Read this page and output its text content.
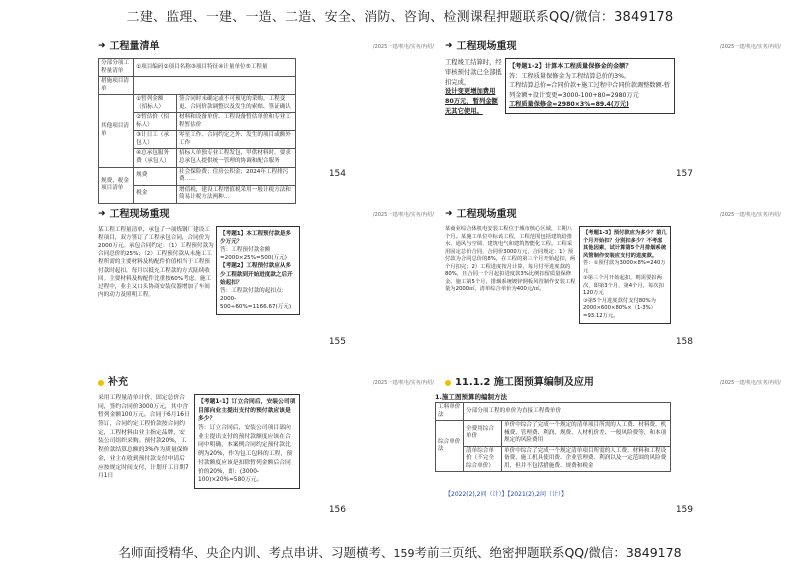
二建、监理、一建、一造、二造、安全、消防、咨询、检测课程押题联系QQ/微信：3849178
➜ 工程量清单	/2025一建/机电/实务/冉绍/
分部分项工程量清单	①项目编码②项目名称③项目特征④计量单位⑤工程量	
措施项目清单		
其他项目清单	①暂列金额（招标人）	签合同时未确定或不可预见的采购。工程变更、合同价款调整以及发生的索赔、签证确认
	②暂估价（招标人）	材料和设备单价、工程设备暂估单价和专业工程暂估价
	③计日工（承包人）	零星工作、合同约定之外、发生的项目或额外工作
	④总承包服务费（承包人）	招标人单独专业工程发包，甲供材料时，要求总承包人提供统一管理的协调和配合服务
规费、税金项目清单	规费	社会保险费；住房公积金；2024年工程排污费……
	税金	增值税，建设工程增值税采用一般计税方法和简易计税方法两种…
154
➜ 工程现场重现	/2025一建/机电/实务/冉绍/

工程竣工结算时，经审核预付款已全部抵扣完成，

设计变更增加费用80万元，暂列金额无其它使用。

【考题1-2】计算本工程质量保修金的金额？

答：工程质量保修金为工程结算总价的3%。

工程结算总价=合同价款+施工过程中合同价款调整数额-暂列金额+设计变更=3000-100+80=2980万元

工程质量保修金=2980×3%=89.4(万元)

157
➜ 工程现场重现	/2025一建/机电/实务/冉绍/
某工程工程量清单，承包了一项炼钢厂建设工程项目，双方签订了工程承包合同，合同价为2000万元。承包合同约定：（1）工程预付款为合同总价的25%；（2）工程预付款从未施工工程所需的主要材料及构配件价值相当于工程预付款时起扣，每月以抵充工程款的方式陆续收回。主要材料及构配件比重按60%考虑。施工过程中，业主又口头协商安装仪器增加了车间内的动力及照明工程。

【考题1】本工程预付款是多少万元？

答：工程预付款金额=2000×25%=500(万元)

【考题2】工程预付款应从多少工程款到开始进度款之后开始起扣？

答：工程款付款的起扣点：2000-500÷60%=1166.67(万元)

155
➜ 工程现场重现	/2025一建/机电/实务/冉绍/
某商业综合体机电安装工程位于城市核心区域，工期八个月。某施工单位中标该工程，工程范围包括建筑给排水、通风与空调、建筑电气和建筑智能化工程。工程采用固定总价合同，合同价3000万元，合同规定：1）预付款为合同总价的8%，在工程的第三个月开始起扣，两个月扣完；2）工程进度按月计算，每月付至进度款的80%，且合同一个月起扣进度款3%比例扣留质量保修金。施工第5个月，排烟系统镀锌钢板风管制作安装工程量为2000㎡，清单综合单价为400元/㎡。

【考题1-3】预付款应为多少？第几个月开始扣？分别扣多少？不考虑其他因素，试计算第5个月排烟系统风管制作安装应支付的进度款。

答：①预付款为3000×8%=240万元

②第三个月开始起扣，则需要扣两次，即第3个月、第4个月，每次扣120万元

③第5个月进度款付支付80%为2000×600×80%×（1-3%）=93.12万元。

158
补充	/2025一建/机电/实务/冉绍/
采用工程量清单计价，固定总价合同，签约合同价3000万元，其中含暂列金额100万元。合同于6月16日签订，合同约定工程价款按合同约定，工程材料由业主指定品牌，安装公司组织采购。预付款20%，工程价款结算总额的3%作为质量保修金，业主在收到预付款支付申请后应按规定时间支付，计划开工日期7月1日

【考题1-1】订立合同后，安装公司项目部向业主提出支付的预付款应该是多少？

答：订立合同后，安装公司项目部向业主提出支付的预付款额度应该在合同中明确，本案例合同约定预付款比例为20%，作为包工包料的工程，预付款额度应该是扣除暂列金额后合同价的20%，即：(3000-100)×20%=580万元。

156
11.1.2 施工图预算编制及应用	/2025一建/机电/实务/冉绍/
1.施工图预算的编制方法
工料单价法	分部分项工程的单价为直接工程费单价	
综合单价法	全费用综合单价	单价中综合了完成一个规定的清单项目所需的人工费、材料费、机械费、管理费、利润、规费、人材机价差、一般风险费等，和本项规定的风险费用
	清单综合单价（不完全综合单价）	单价中综合了完成一个规定清单项目所需的人工费、材料和工程设备费、施工机具使用费、企业管理费、利润以及一定范围的风险费用，但并不包括措施费、规费和税金
【2022(2),2问（计）】【2021(2),2问（计）】
159
名师面授精华、央企内训、考点串讲、习题横考、159考前三页纸、绝密押题联系QQ/微信：3849178
